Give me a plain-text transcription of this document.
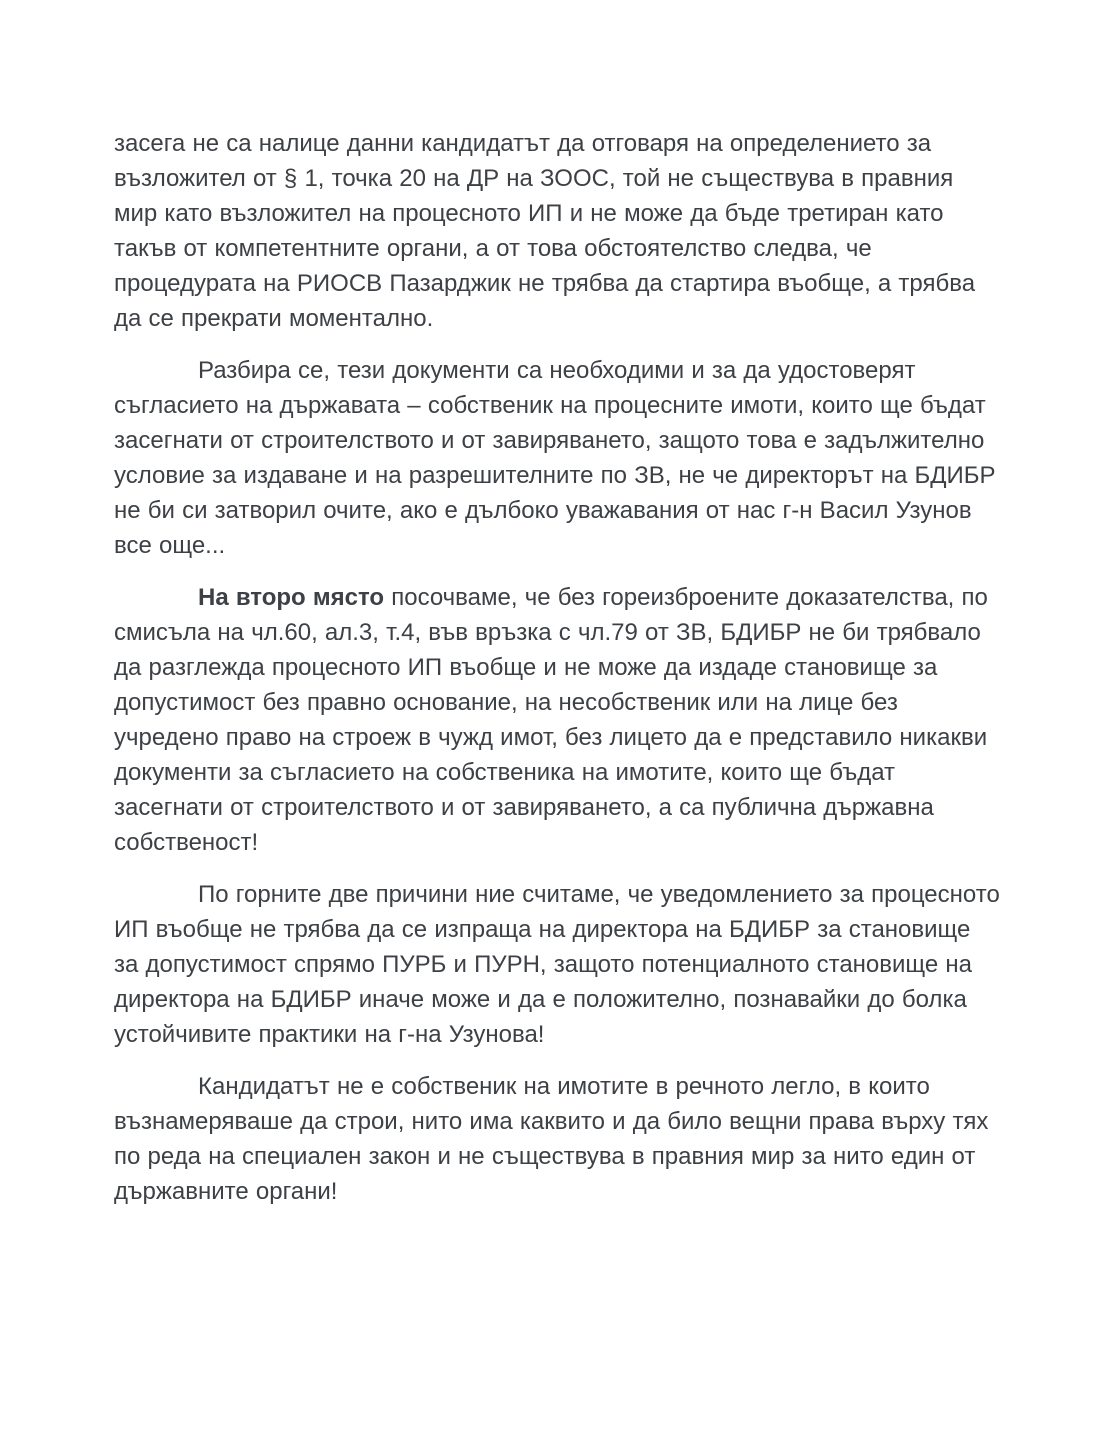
засега не са налице данни кандидатът да отговаря на определението за възложител от § 1, точка 20 на ДР на ЗООС, той не съществува в правния мир като възложител на процесното ИП и не може да бъде третиран като такъв от компетентните органи, а от това обстоятелство следва, че процедурата на РИОСВ Пазарджик не трябва да стартира въобще, а трябва да се прекрати моментално.

Разбира се, тези документи са необходими и за да удостоверят съгласието на държавата – собственик на процесните имоти, които ще бъдат засегнати от строителството и от завиряването, защото това е задължително условие за издаване и на разрешителните по ЗВ, не че директорът на БДИБР не би си затворил очите, ако е дълбоко уважавания от нас г-н Васил Узунов все още...

На второ място посочваме, че без гореизброените доказателства, по смисъла на чл.60, ал.3, т.4, във връзка с чл.79 от ЗВ, БДИБР не би трябвало да разглежда процесното ИП въобще и не може да издаде становище за допустимост без правно основание, на несобственик или на лице без учредено право на строеж в чужд имот, без лицето да е представило никакви документи за съгласието на собственика на имотите, които ще бъдат засегнати от строителството и от завиряването, а са публична държавна собственост!

По горните две причини ние считаме, че уведомлението за процесното ИП въобще не трябва да се изпраща на директора на БДИБР за становище за допустимост спрямо ПУРБ и ПУРН, защото потенциалното становище на директора на БДИБР иначе може и да е положително, познавайки до болка устойчивите практики на г-на Узунова!

Кандидатът не е собственик на имотите в речното легло, в които възнамеряваше да строи, нито има каквито и да било вещни права върху тях по реда на специален закон и не съществува в правния мир за нито един от държавните органи!
